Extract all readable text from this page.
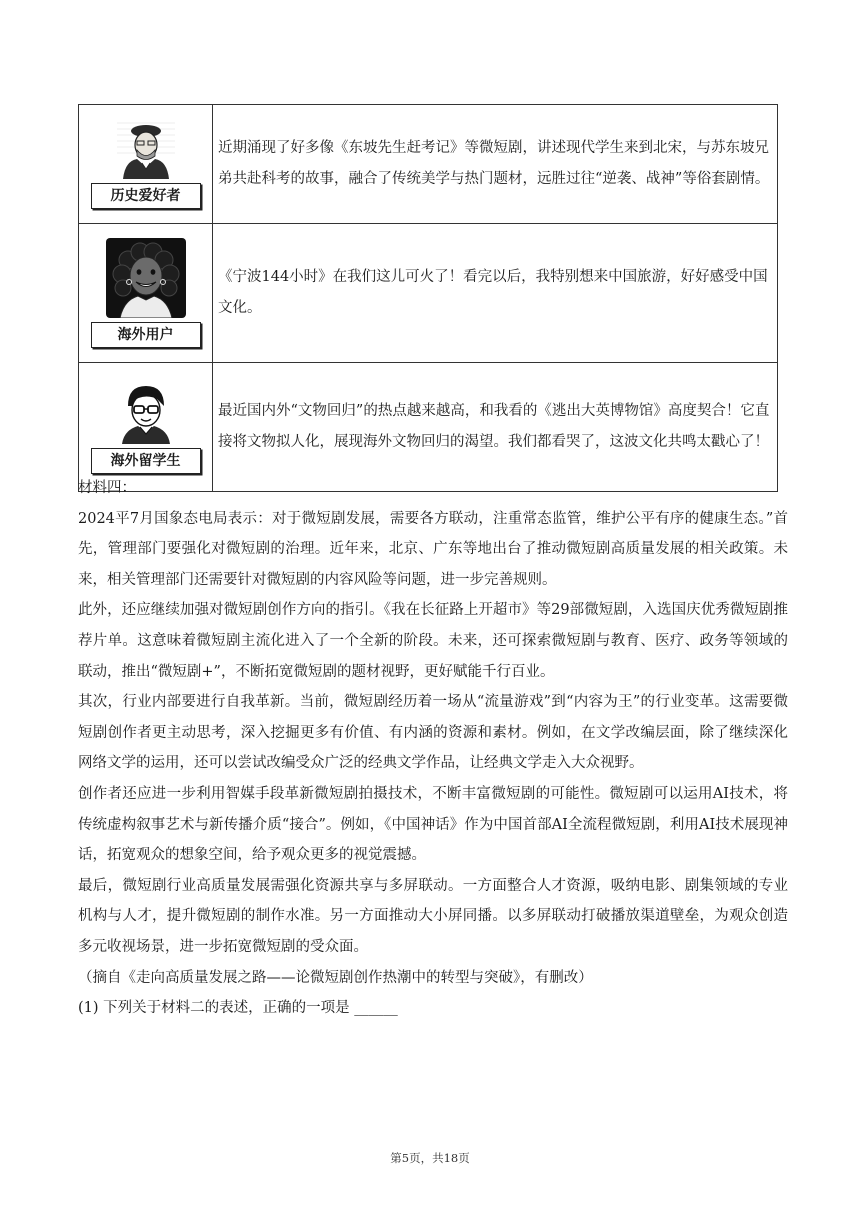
历史爱好者	近期涌现了好多像《东坡先生赶考记》等微短剧，讲述现代学生来到北宋，与苏东坡兄弟共赴科考的故事，融合了传统美学与热门题材，远胜过往“逆袭、战神”等俗套剧情。

海外用户	《宁波144小时》在我们这儿可火了！看完以后，我特别想来中国旅游，好好感受中国文化。

海外留学生	最近国内外“文物回归”的热点越来越高，和我看的《逃出大英博物馆》高度契合！它直接将文物拟人化，展现海外文物回归的渴望。我们都看哭了，这波文化共鸣太戳心了！

材料四：

2024平7月国象态电局表示：对于微短剧发展，需要各方联动，注重常态监管，维护公平有序的健康生态。”首先，管理部门要强化对微短剧的治理。近年来，北京、广东等地出台了推动微短剧高质量发展的相关政策。未来，相关管理部门还需要针对微短剧的内容风险等问题，进一步完善规则。

此外，还应继续加强对微短剧创作方向的指引。《我在长征路上开超市》等29部微短剧，入选国庆优秀微短剧推荐片单。这意味着微短剧主流化进入了一个全新的阶段。未来，还可探索微短剧与教育、医疗、政务等领域的联动，推出“微短剧+”，不断拓宽微短剧的题材视野，更好赋能千行百业。

其次，行业内部要进行自我革新。当前，微短剧经历着一场从“流量游戏”到“内容为王”的行业变革。这需要微短剧创作者更主动思考，深入挖掘更多有价值、有内涵的资源和素材。例如，在文学改编层面，除了继续深化网络文学的运用，还可以尝试改编受众广泛的经典文学作品，让经典文学走入大众视野。

创作者还应进一步利用智媒手段革新微短剧拍摄技术，不断丰富微短剧的可能性。微短剧可以运用AI技术，将传统虚构叙事艺术与新传播介质“接合”。例如，《中国神话》作为中国首部AI全流程微短剧，利用AI技术展现神话，拓宽观众的想象空间，给予观众更多的视觉震撼。

最后，微短剧行业高质量发展需强化资源共享与多屏联动。一方面整合人才资源，吸纳电影、剧集领域的专业机构与人才，提升微短剧的制作水准。另一方面推动大小屏同播。以多屏联动打破播放渠道壁垒，为观众创造多元收视场景，进一步拓宽微短剧的受众面。

（摘自《走向高质量发展之路——论微短剧创作热潮中的转型与突破》，有删改）

(1) 下列关于材料二的表述，正确的一项是 ______

第5页，共18页
